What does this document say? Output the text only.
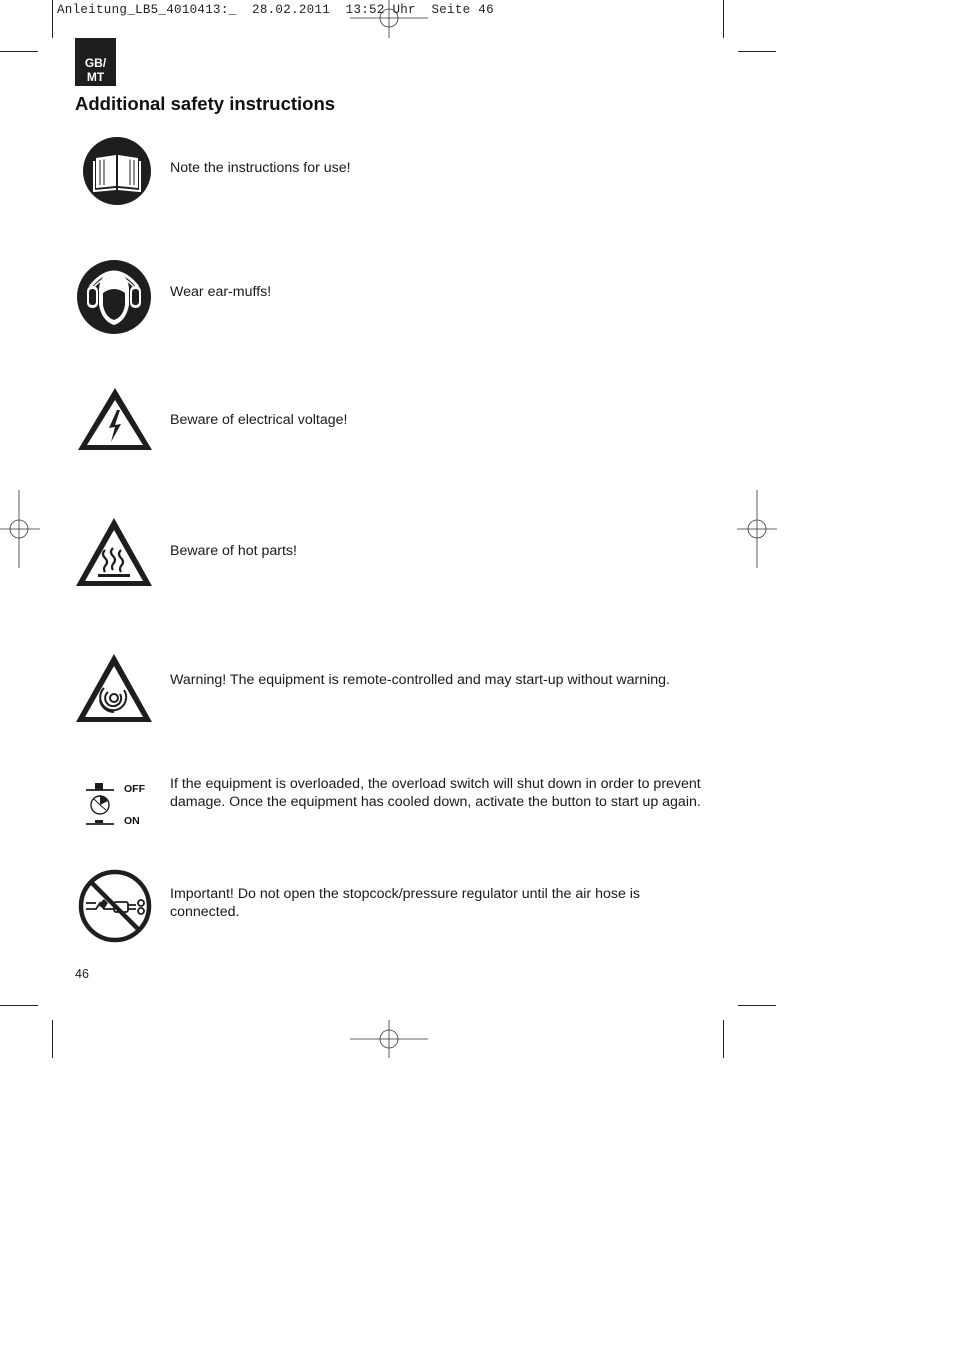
Anleitung_LB5_4010413:_  28.02.2011  13:52 Uhr  Seite 46
GB/
MT
Additional safety instructions
Note the instructions for use!
Wear ear-muffs!
Beware of electrical voltage!
Beware of hot parts!
Warning! The equipment is remote-controlled and may start-up without warning.
OFF
ON
If the equipment is overloaded, the overload switch will shut down in order to prevent damage. Once the equipment has cooled down, activate the button to start up again.
Important! Do not open the stopcock/pressure regulator until the air hose is connected.
46
